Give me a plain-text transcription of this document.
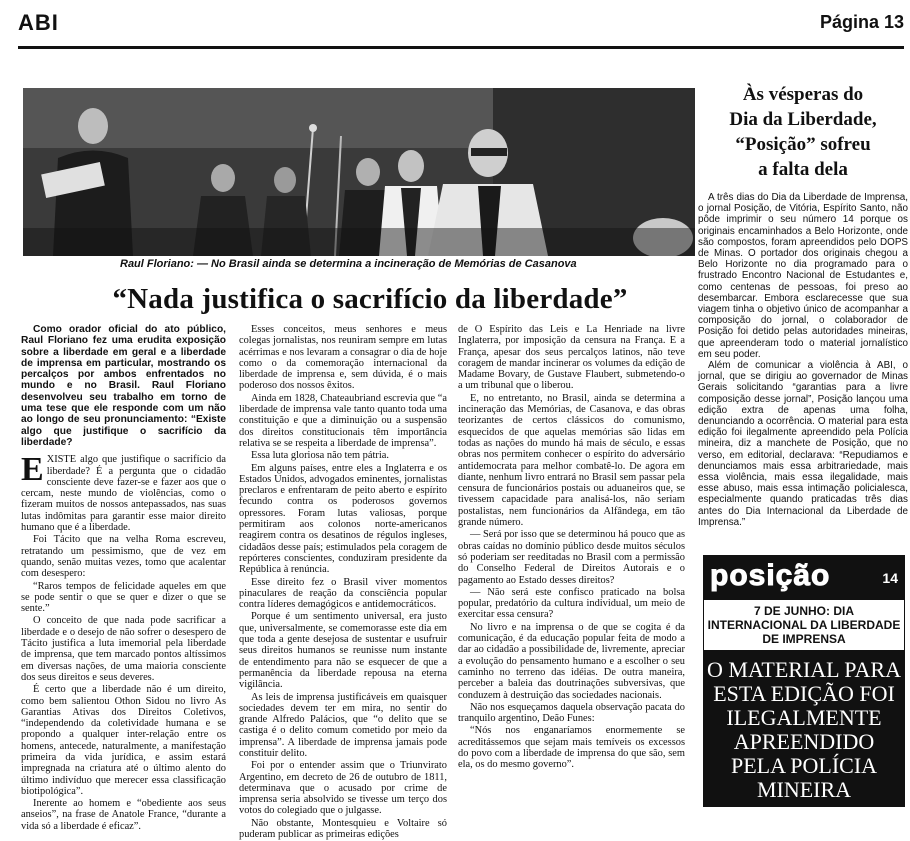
ABI	Página 13
Raul Floriano: — No Brasil ainda se determina a incineração de Memórias de Casanova
“Nada justifica o sacrifício da liberdade”

Como orador oficial do ato público, Raul Floriano fez uma erudita exposição sobre a liberdade em geral e a liberdade de imprensa em particular, mostrando os percalços por ambos enfrentados no mundo e no Brasil. Raul Floriano desenvolveu seu trabalho em torno de uma tese que ele responde com um não ao longo de seu pronunciamento: “Existe algo que justifique o sacrifício da liberdade?

EXISTE algo que justifique o sacrifício da liberdade? É a pergunta que o cidadão consciente deve fazer-se e fazer aos que o cercam, neste mundo de violências, como o fizeram muitos de nossos antepassados, nas suas lutas indômitas para garantir esse maior direito humano que é a liberdade.

Foi Tácito que na velha Roma escreveu, retratando um pessimismo, que de vez em quando, senão muitas vezes, tomo que acalentar com desespero:

“Raros tempos de felicidade aqueles em que se pode sentir o que se quer e dizer o que se sente.”

O conceito de que nada pode sacrificar a liberdade e o desejo de não sofrer o desespero de Tácito justifica a luta imemorial pela liberdade de imprensa, que tem marcado pontos altíssimos em diversas nações, de uma maioria consciente dos seus direitos e seus deveres.

É certo que a liberdade não é um direito, como bem salientou Othon Sidou no livro As Garantias Ativas dos Direitos Coletivos, “independendo da coletividade humana e se propondo a qualquer inter-relação entre os homens, antecede, naturalmente, a manifestação primeira da vida jurídica, e assim estará impregnada na criatura até o último alento do último indivíduo que merecer essa classificação biotipológica”.

Inerente ao homem e “obediente aos seus anseios”, na frase de Anatole France, “durante a vida só a liberdade é eficaz”.

Esses conceitos, meus senhores e meus colegas jornalistas, nos reuniram sempre em lutas acérrimas e nos levaram a consagrar o dia de hoje como o da comemoração internacional da liberdade de imprensa e, sem dúvida, é o mais poderoso dos nossos êxitos.

Ainda em 1828, Chateaubriand escrevia que “a liberdade de imprensa vale tanto quanto toda uma constituição e que a diminuição ou a suspensão dos direitos constitucionais têm importância relativa se se respeita a liberdade de imprensa”.

Essa luta gloriosa não tem pátria.

Em alguns países, entre eles a Inglaterra e os Estados Unidos, advogados eminentes, jornalistas preclaros e enfrentaram de peito aberto e espírito fecundo contra os poderosos governos opressores. Foram lutas valiosas, porque permitiram aos colonos norte-americanos reagirem contra os desatinos de régulos ingleses, cidadãos desse país; estimulados pela coragem de repórteres conscientes, conduziram presidente da República à renúncia.

Esse direito fez o Brasil viver momentos pinaculares de reação da consciência popular contra líderes demagógicos e antidemocráticos.

Porque é um sentimento universal, era justo que, universalmente, se comemorasse este dia em que toda a gente desejosa de sustentar e usufruir seus direitos humanos se reunisse num instante de entendimento para não se esquecer de que a permanência da liberdade repousa na eterna vigilância.

As leis de imprensa justificáveis em quaisquer sociedades devem ter em mira, no sentir do grande Alfredo Palácios, que “o delito que se castiga é o delito comum cometido por meio da imprensa”. A liberdade de imprensa jamais pode constituir delito.

Foi por o entender assim que o Triunvirato Argentino, em decreto de 26 de outubro de 1811, determinava que o acusado por crime de imprensa seria absolvido se tivesse um terço dos votos do colegiado que o julgasse.

Não obstante, Montesquieu e Voltaire só puderam publicar as primeiras edições

de O Espírito das Leis e La Henriade na livre Inglaterra, por imposição da censura na França. E a França, apesar dos seus percalços latinos, não teve coragem de mandar incinerar os volumes da edição de Madame Bovary, de Gustave Flaubert, submetendo-o a um tribunal que o liberou.

E, no entretanto, no Brasil, ainda se determina a incineração das Memórias, de Casanova, e das obras teorizantes de certos clássicos do comunismo, esquecidos de que aquelas memórias são lidas em todas as nações do mundo há mais de século, e essas obras nos permitem conhecer o espírito do adversário antidemocrata para melhor combatê-lo. De agora em diante, nenhum livro entrará no Brasil sem passar pela censura de funcionários postais ou aduaneiros que, se tivessem capacidade para analisá-los, não seriam postalistas, nem funcionários da Alfândega, em tão grande número.

— Será por isso que se determinou há pouco que as obras caídas no domínio público desde muitos séculos só poderiam ser reeditadas no Brasil com a permissão do Conselho Federal de Direitos Autorais e o pagamento ao Estado desses direitos?

— Não será este confisco praticado na bolsa popular, predatório da cultura individual, um meio de exercitar essa censura?

No livro e na imprensa o de que se cogita é da comunicação, é da educação popular feita de modo a dar ao cidadão a possibilidade de, livremente, apreciar a evolução do pensamento humano e a escolher o seu caminho no terreno das idéias. De outra maneira, perceber a baleia das doutrinações subversivas, que conduzem à destruição das sociedades nacionais.

Não nos esqueçamos daquela observação pacata do tranquilo argentino, Deão Funes:

“Nós nos enganaríamos enormemente se acreditássemos que sejam mais temíveis os excessos do povo com a liberdade de imprensa do que são, sem ela, os do mesmo governo”.

Às vésperas do
Dia da Liberdade,
“Posição” sofreu
a falta dela

A três dias do Dia da Liberdade de Imprensa, o jornal Posição, de Vitória, Espírito Santo, não pôde imprimir o seu número 14 porque os originais encaminhados a Belo Horizonte, onde são compostos, foram apreendidos pelo DOPS de Minas. O portador dos originais chegou a Belo Horizonte no dia programado para o frustrado Encontro Nacional de Estudantes e, como centenas de pessoas, foi preso ao desembarcar. Embora esclarecesse que sua viagem tinha o objetivo único de acompanhar a composição do jornal, o colaborador de Posição foi detido pelas autoridades mineiras, que apreenderam todo o material jornalístico em seu poder.

Além de comunicar a violência à ABI, o jornal, que se dirigiu ao governador de Minas Gerais solicitando “garantias para a livre composição desse jornal”, Posição lançou uma edição extra de apenas uma folha, denunciando a ocorrência. O material para esta edição foi ilegalmente apreendido pela Polícia mineira, diz a manchete de Posição, que no verso, em editorial, declarava: “Repudiamos e denunciamos mais essa arbitrariedade, mais essa violência, mais essa ilegalidade, mais esse abuso, mais essa intimação policialesca, especialmente quando praticadas três dias antes do Dia Internacional da Liberdade de Imprensa.”

posição	14
7 DE JUNHO: DIA INTERNACIONAL DA LIBERDADE DE IMPRENSA
O MATERIAL PARA ESTA EDIÇÃO FOI ILEGALMENTE APREENDIDO PELA POLÍCIA MINEIRA
